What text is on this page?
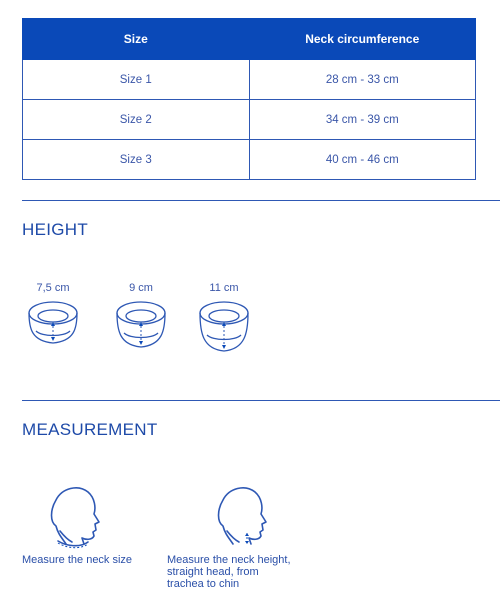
Size	Neck circumference
Size 1	28 cm - 33 cm
Size 2	34 cm - 39 cm
Size 3	40 cm - 46 cm
HEIGHT
7,5 cm	9 cm	11 cm
MEASUREMENT
Measure the neck size	Measure the neck height, straight head, from trachea to chin
